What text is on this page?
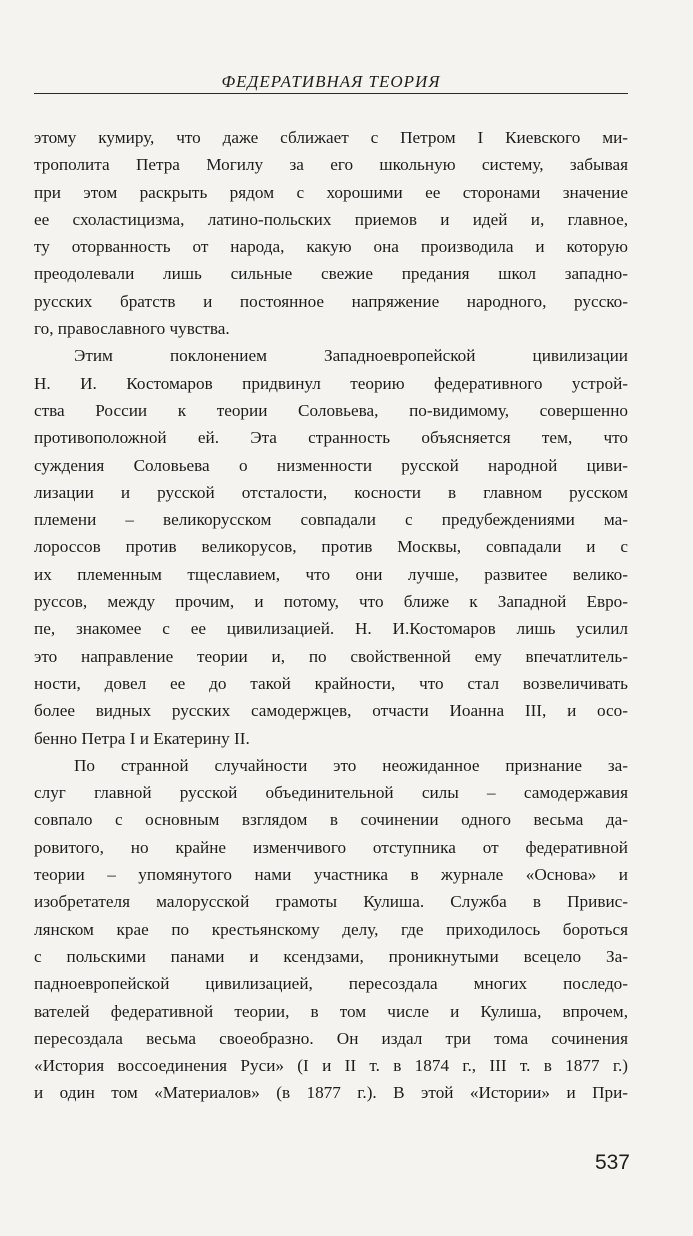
ФЕДЕРАТИВНАЯ ТЕОРИЯ

этому кумиру, что даже сближает с Петром I Киевского ми-
трополита Петра Могилу за его школьную систему, забывая
при этом раскрыть рядом с хорошими ее сторонами значение
ее схоластицизма, латино-польских приемов и идей и, главное,
ту оторванность от народа, какую она производила и которую
преодолевали лишь сильные свежие предания школ западно-
русских братств и постоянное напряжение народного, русско-
го, православного чувства.

Этим поклонением Западноевропейской цивилизации
Н. И. Костомаров придвинул теорию федеративного устрой-
ства России к теории Соловьева, по-видимому, совершенно
противоположной ей. Эта странность объясняется тем, что
суждения Соловьева о низменности русской народной циви-
лизации и русской отсталости, косности в главном русском
племени – великорусском совпадали с предубеждениями ма-
лороссов против великорусов, против Москвы, совпадали и с
их племенным тщеславием, что они лучше, развитее велико-
руссов, между прочим, и потому, что ближе к Западной Евро-
пе, знакомее с ее цивилизацией. Н. И.Костомаров лишь усилил
это направление теории и, по свойственной ему впечатлитель-
ности, довел ее до такой крайности, что стал возвеличивать
более видных русских самодержцев, отчасти Иоанна III, и осо-
бенно Петра I и Екатерину II.

По странной случайности это неожиданное признание за-
слуг главной русской объединительной силы – самодержавия
совпало с основным взглядом в сочинении одного весьма да-
ровитого, но крайне изменчивого отступника от федеративной
теории – упомянутого нами участника в журнале «Основа» и
изобретателя малорусской грамоты Кулиша. Служба в Привис-
лянском крае по крестьянскому делу, где приходилось бороться
с польскими панами и ксендзами, проникнутыми всецело За-
падноевропейской цивилизацией, пересоздала многих последо-
вателей федеративной теории, в том числе и Кулиша, впрочем,
пересоздала весьма своеобразно. Он издал три тома сочинения
«История воссоединения Руси» (I и II т. в 1874 г., III т. в 1877 г.)
и один том «Материалов» (в 1877 г.). В этой «Истории» и При-

537
